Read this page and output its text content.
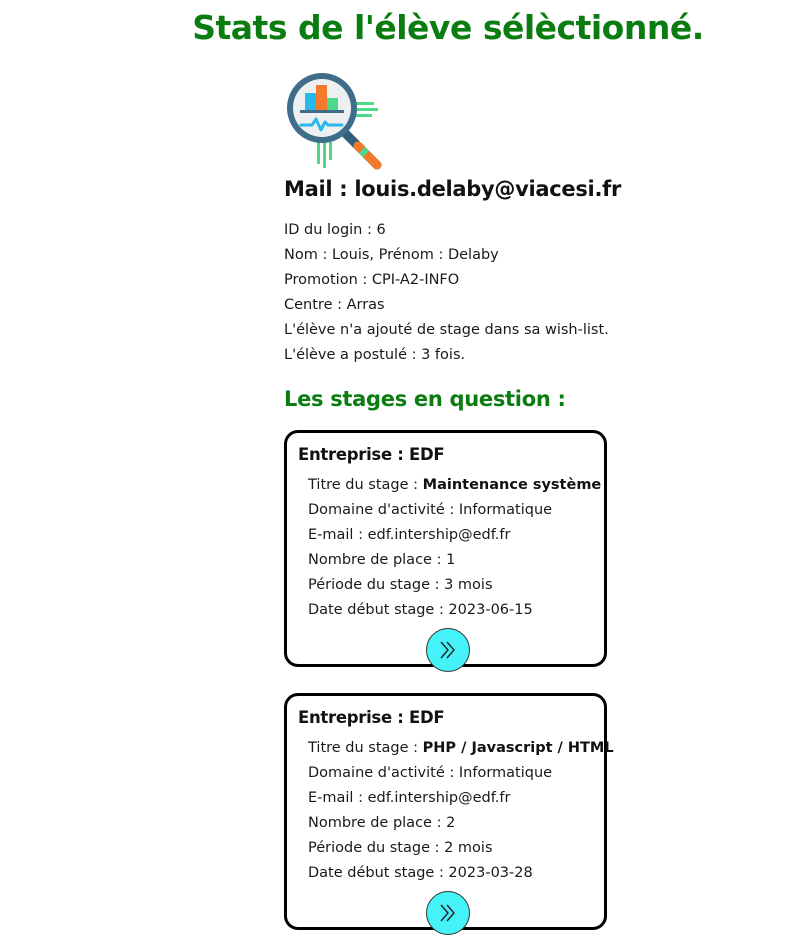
Stats de l'élève sélèctionné.
Mail : louis.delaby@viacesi.fr
ID du login : 6
Nom : Louis, Prénom : Delaby
Promotion : CPI-A2-INFO
Centre : Arras
L'élève n'a ajouté de stage dans sa wish-list.
L'élève a postulé : 3 fois.
Les stages en question :
Entreprise : EDF
Titre du stage : Maintenance système
Domaine d'activité : Informatique
E-mail : edf.intership@edf.fr
Nombre de place : 1
Période du stage : 3 mois
Date début stage : 2023-06-15
Entreprise : EDF
Titre du stage : PHP / Javascript / HTML
Domaine d'activité : Informatique
E-mail : edf.intership@edf.fr
Nombre de place : 2
Période du stage : 2 mois
Date début stage : 2023-03-28
